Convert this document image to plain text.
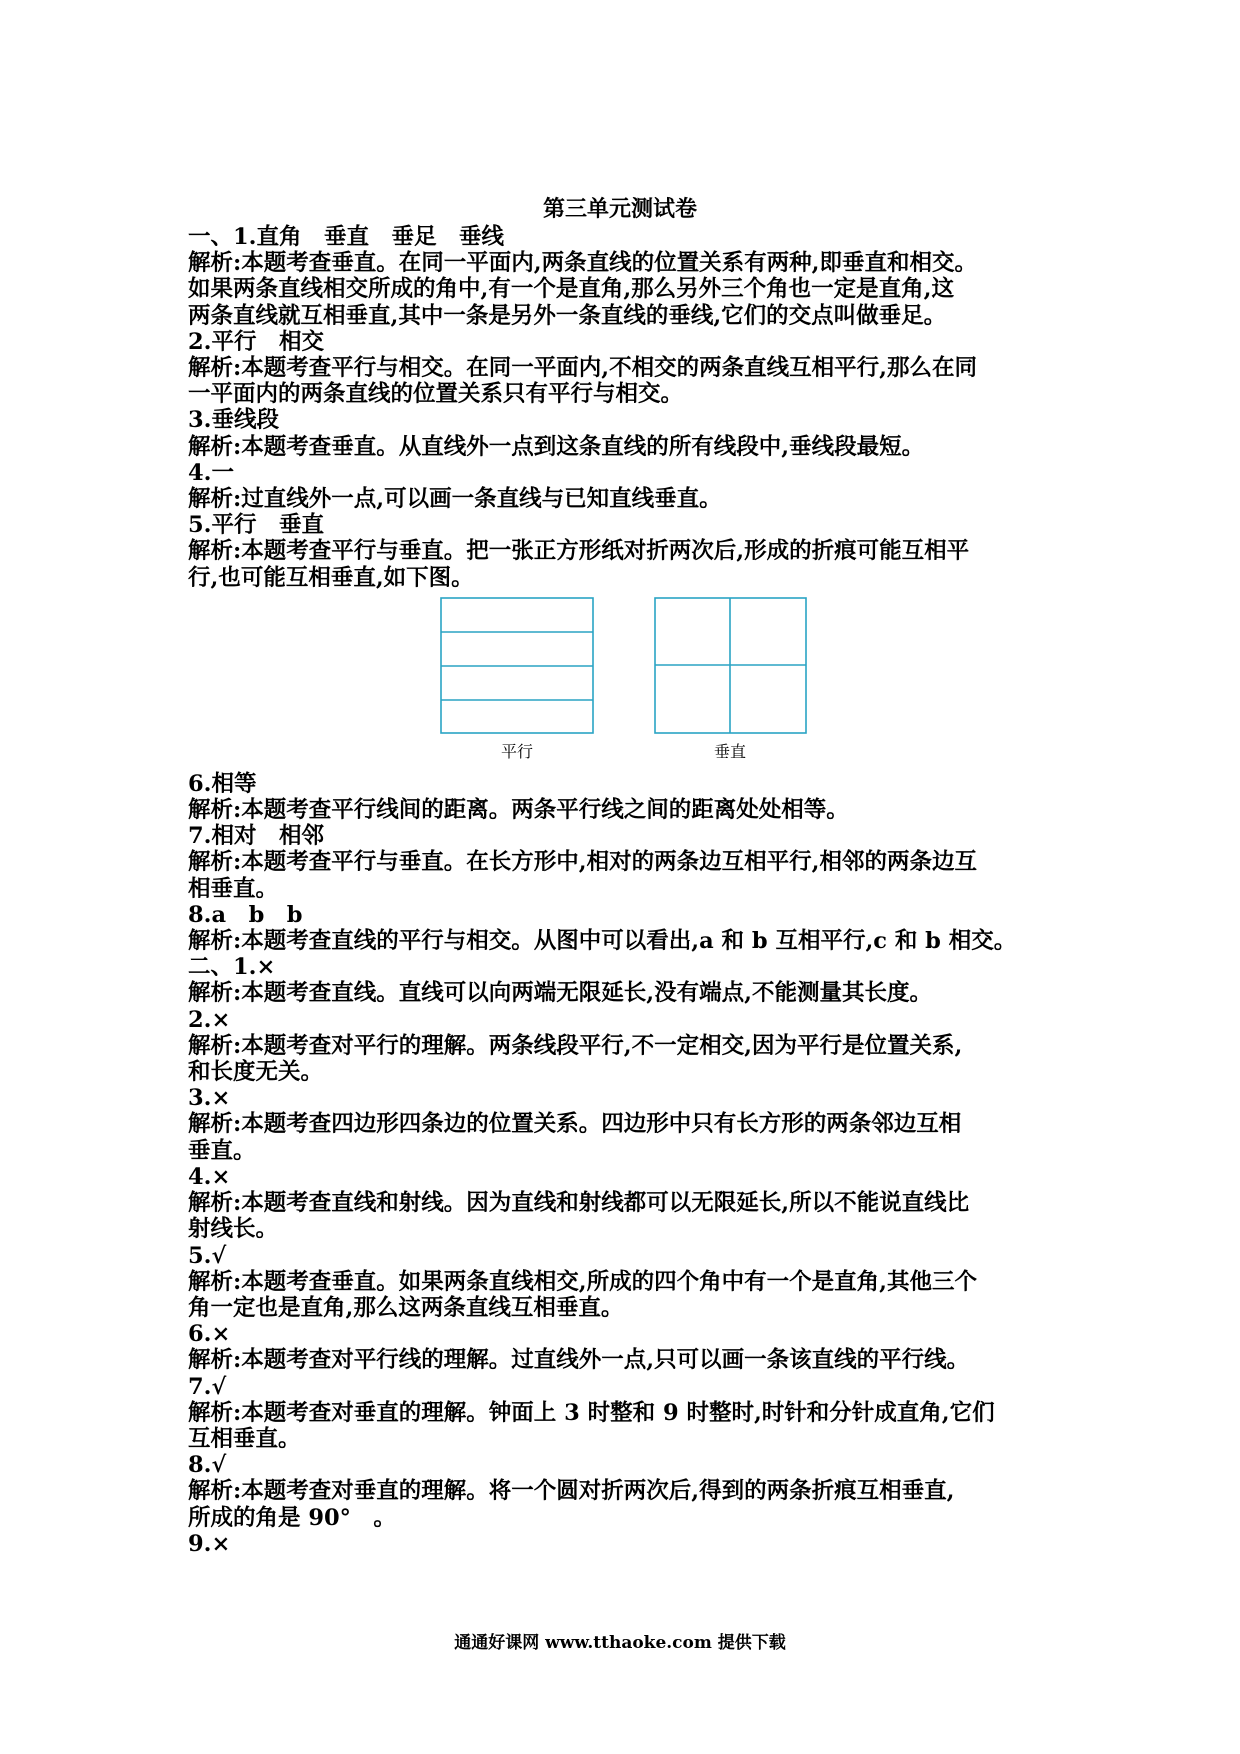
第三单元测试卷
一、1.直角　垂直　垂足　垂线
解析:本题考查垂直。在同一平面内,两条直线的位置关系有两种,即垂直和相交。
如果两条直线相交所成的角中,有一个是直角,那么另外三个角也一定是直角,这
两条直线就互相垂直,其中一条是另外一条直线的垂线,它们的交点叫做垂足。
2.平行　相交
解析:本题考查平行与相交。在同一平面内,不相交的两条直线互相平行,那么在同
一平面内的两条直线的位置关系只有平行与相交。
3.垂线段
解析:本题考查垂直。从直线外一点到这条直线的所有线段中,垂线段最短。
4.一
解析:过直线外一点,可以画一条直线与已知直线垂直。
5.平行　垂直
解析:本题考查平行与垂直。把一张正方形纸对折两次后,形成的折痕可能互相平
行,也可能互相垂直,如下图。
平行	垂直
6.相等
解析:本题考查平行线间的距离。两条平行线之间的距离处处相等。
7.相对　相邻
解析:本题考查平行与垂直。在长方形中,相对的两条边互相平行,相邻的两条边互
相垂直。
8.a　b　b
解析:本题考查直线的平行与相交。从图中可以看出,a 和 b 互相平行,c 和 b 相交。
二、1.×
解析:本题考查直线。直线可以向两端无限延长,没有端点,不能测量其长度。
2.×
解析:本题考查对平行的理解。两条线段平行,不一定相交,因为平行是位置关系,
和长度无关。
3.×
解析:本题考查四边形四条边的位置关系。四边形中只有长方形的两条邻边互相
垂直。
4.×
解析:本题考查直线和射线。因为直线和射线都可以无限延长,所以不能说直线比
射线长。
5.√
解析:本题考查垂直。如果两条直线相交,所成的四个角中有一个是直角,其他三个
角一定也是直角,那么这两条直线互相垂直。
6.×
解析:本题考查对平行线的理解。过直线外一点,只可以画一条该直线的平行线。
7.√
解析:本题考查对垂直的理解。钟面上 3 时整和 9 时整时,时针和分针成直角,它们
互相垂直。
8.√
解析:本题考查对垂直的理解。将一个圆对折两次后,得到的两条折痕互相垂直,
所成的角是 90°　。
9.×
通通好课网 www.tthaoke.com 提供下载
